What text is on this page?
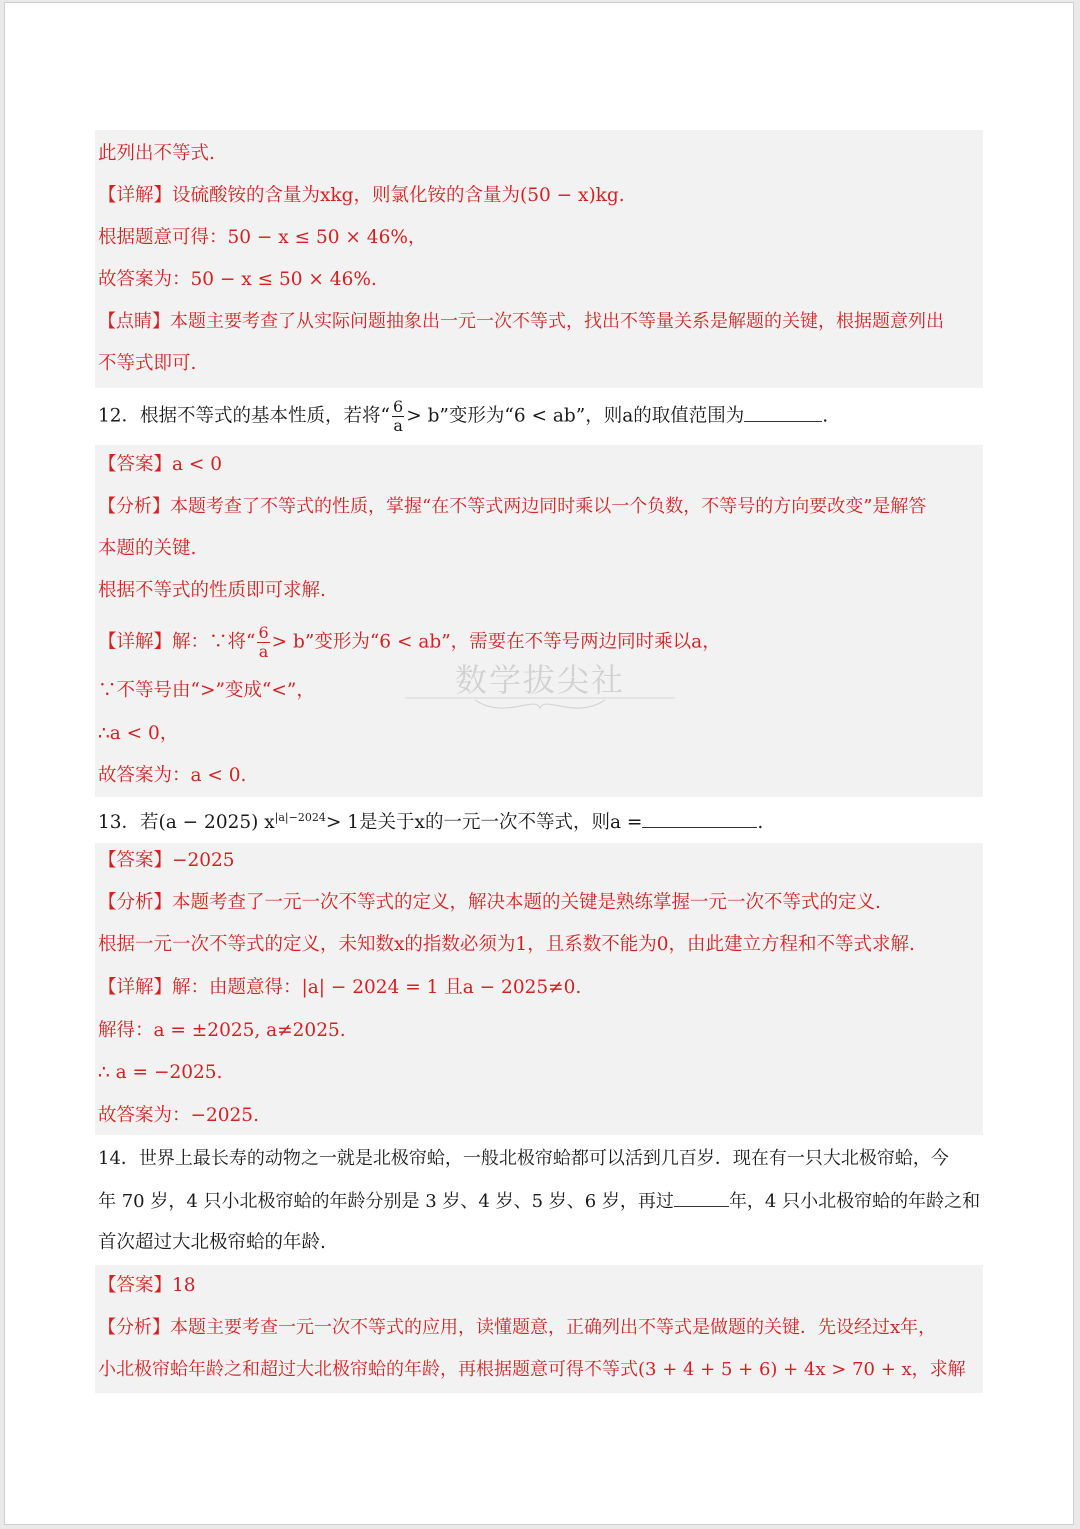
数学拔尖社
此列出不等式.
【详解】设硫酸铵的含量为xkg，则氯化铵的含量为(50 − x)kg.
根据题意可得：50 − x ≤ 50 × 46%，
故答案为：50 − x ≤ 50 × 46%.
【点睛】本题主要考查了从实际问题抽象出一元一次不等式，找出不等量关系是解题的关键，根据题意列出
不等式即可.
12．根据不等式的基本性质，若将“ $\frac{6}{a} > b$”变形为“6 < ab”，则a的取值范围为	.
【答案】a < 0
【分析】本题考查了不等式的性质，掌握“在不等式两边同时乘以一个负数，不等号的方向要改变”是解答
本题的关键.
根据不等式的性质即可求解.
【详解】解：∵将“ $\frac{6}{a} > b$”变形为“6 < ab”，需要在不等号两边同时乘以a，
∵不等号由“>”变成“<”，
∴a < 0，
故答案为：a < 0.
13．若(a − 2025) $x^{|a|-2024}> 1$是关于x的一元一次不等式，则a =	.
【答案】−2025
【分析】本题考查了一元一次不等式的定义，解决本题的关键是熟练掌握一元一次不等式的定义.
根据一元一次不等式的定义，未知数x的指数必须为1，且系数不能为0，由此建立方程和不等式求解.
【详解】解：由题意得：|a| − 2024 = 1 且a − 2025≠0.
解得：a = ±2025, a≠2025.
∴ a = −2025.
故答案为：−2025.
14．世界上最长寿的动物之一就是北极帘蛤，一般北极帘蛤都可以活到几百岁．现在有一只大北极帘蛤，今
年 70 岁，4 只小北极帘蛤的年龄分别是 3 岁、4 岁、5 岁、6 岁，再过	年，4 只小北极帘蛤的年龄之和
首次超过大北极帘蛤的年龄.
【答案】18
【分析】本题主要考查一元一次不等式的应用，读懂题意，正确列出不等式是做题的关键．先设经过x年，
小北极帘蛤年龄之和超过大北极帘蛤的年龄，再根据题意可得不等式(3 + 4 + 5 + 6) + 4x > 70 + x，求解
